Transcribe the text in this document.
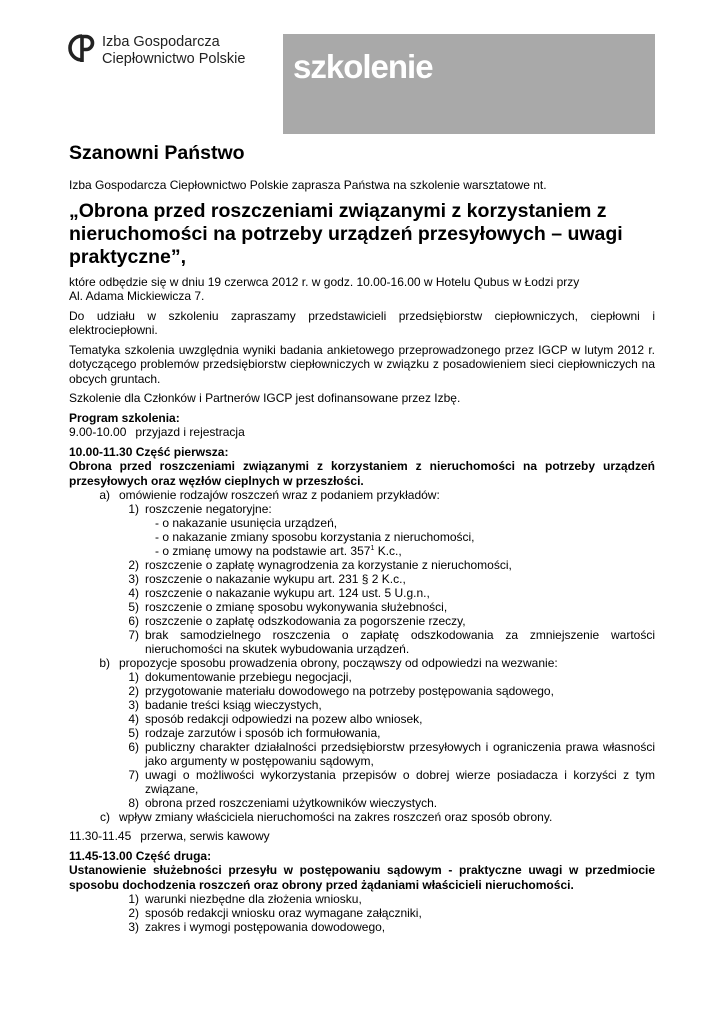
Izba Gospodarcza
Ciepłownictwo Polskie szkolenie
Szanowni Państwo

Izba Gospodarcza Ciepłownictwo Polskie zaprasza Państwa na szkolenie warsztatowe nt.

„Obrona przed roszczeniami związanymi z korzystaniem z nieruchomości na potrzeby urządzeń przesyłowych – uwagi praktyczne”,

które odbędzie się w dniu 19 czerwca 2012 r. w godz. 10.00-16.00 w Hotelu Qubus w Łodzi przy

Al. Adama Mickiewicza 7.

Do udziału w szkoleniu zapraszamy przedstawicieli przedsiębiorstw ciepłowniczych, ciepłowni i elektrociepłowni.

Tematyka szkolenia uwzględnia wyniki badania ankietowego przeprowadzonego przez IGCP w lutym 2012 r. dotyczącego problemów przedsiębiorstw ciepłowniczych w związku z posadowieniem sieci ciepłowniczych na obcych gruntach.

Szkolenie dla Członków i Partnerów IGCP jest dofinansowane przez Izbę.

Program szkolenia:

9.00-10.00 przyjazd i rejestracja

10.00-11.30 Część pierwsza:

Obrona przed roszczeniami związanymi z korzystaniem z nieruchomości na potrzeby urządzeń przesyłowych oraz węzłów cieplnych w przeszłości.

a) omówienie rodzajów roszczeń wraz z podaniem przykładów:
1) roszczenie negatoryjne:
- o nakazanie usunięcia urządzeń,
- o nakazanie zmiany sposobu korzystania z nieruchomości,
- o zmianę umowy na podstawie art. $357^1$ K.c.,
2) roszczenie o zapłatę wynagrodzenia za korzystanie z nieruchomości,
3) roszczenie o nakazanie wykupu art. 231 § 2 K.c.,
4) roszczenie o nakazanie wykupu art. 124 ust. 5 U.g.n.,
5) roszczenie o zmianę sposobu wykonywania służebności,
6) roszczenie o zapłatę odszkodowania za pogorszenie rzeczy,
7) brak samodzielnego roszczenia o zapłatę odszkodowania za zmniejszenie wartości nieruchomości na skutek wybudowania urządzeń.
b) propozycje sposobu prowadzenia obrony, począwszy od odpowiedzi na wezwanie:
1) dokumentowanie przebiegu negocjacji,
2) przygotowanie materiału dowodowego na potrzeby postępowania sądowego,
3) badanie treści ksiąg wieczystych,
4) sposób redakcji odpowiedzi na pozew albo wniosek,
5) rodzaje zarzutów i sposób ich formułowania,
6) publiczny charakter działalności przedsiębiorstw przesyłowych i ograniczenia prawa własności jako argumenty w postępowaniu sądowym,
7) uwagi o możliwości wykorzystania przepisów o dobrej wierze posiadacza i korzyści z tym związane,
8) obrona przed roszczeniami użytkowników wieczystych.
c) wpływ zmiany właściciela nieruchomości na zakres roszczeń oraz sposób obrony.

11.30-11.45 przerwa, serwis kawowy

11.45-13.00 Część druga:

Ustanowienie służebności przesyłu w postępowaniu sądowym - praktyczne uwagi w przedmiocie sposobu dochodzenia roszczeń oraz obrony przed żądaniami właścicieli nieruchomości.

1) warunki niezbędne dla złożenia wniosku,
2) sposób redakcji wniosku oraz wymagane załączniki,
3) zakres i wymogi postępowania dowodowego,
